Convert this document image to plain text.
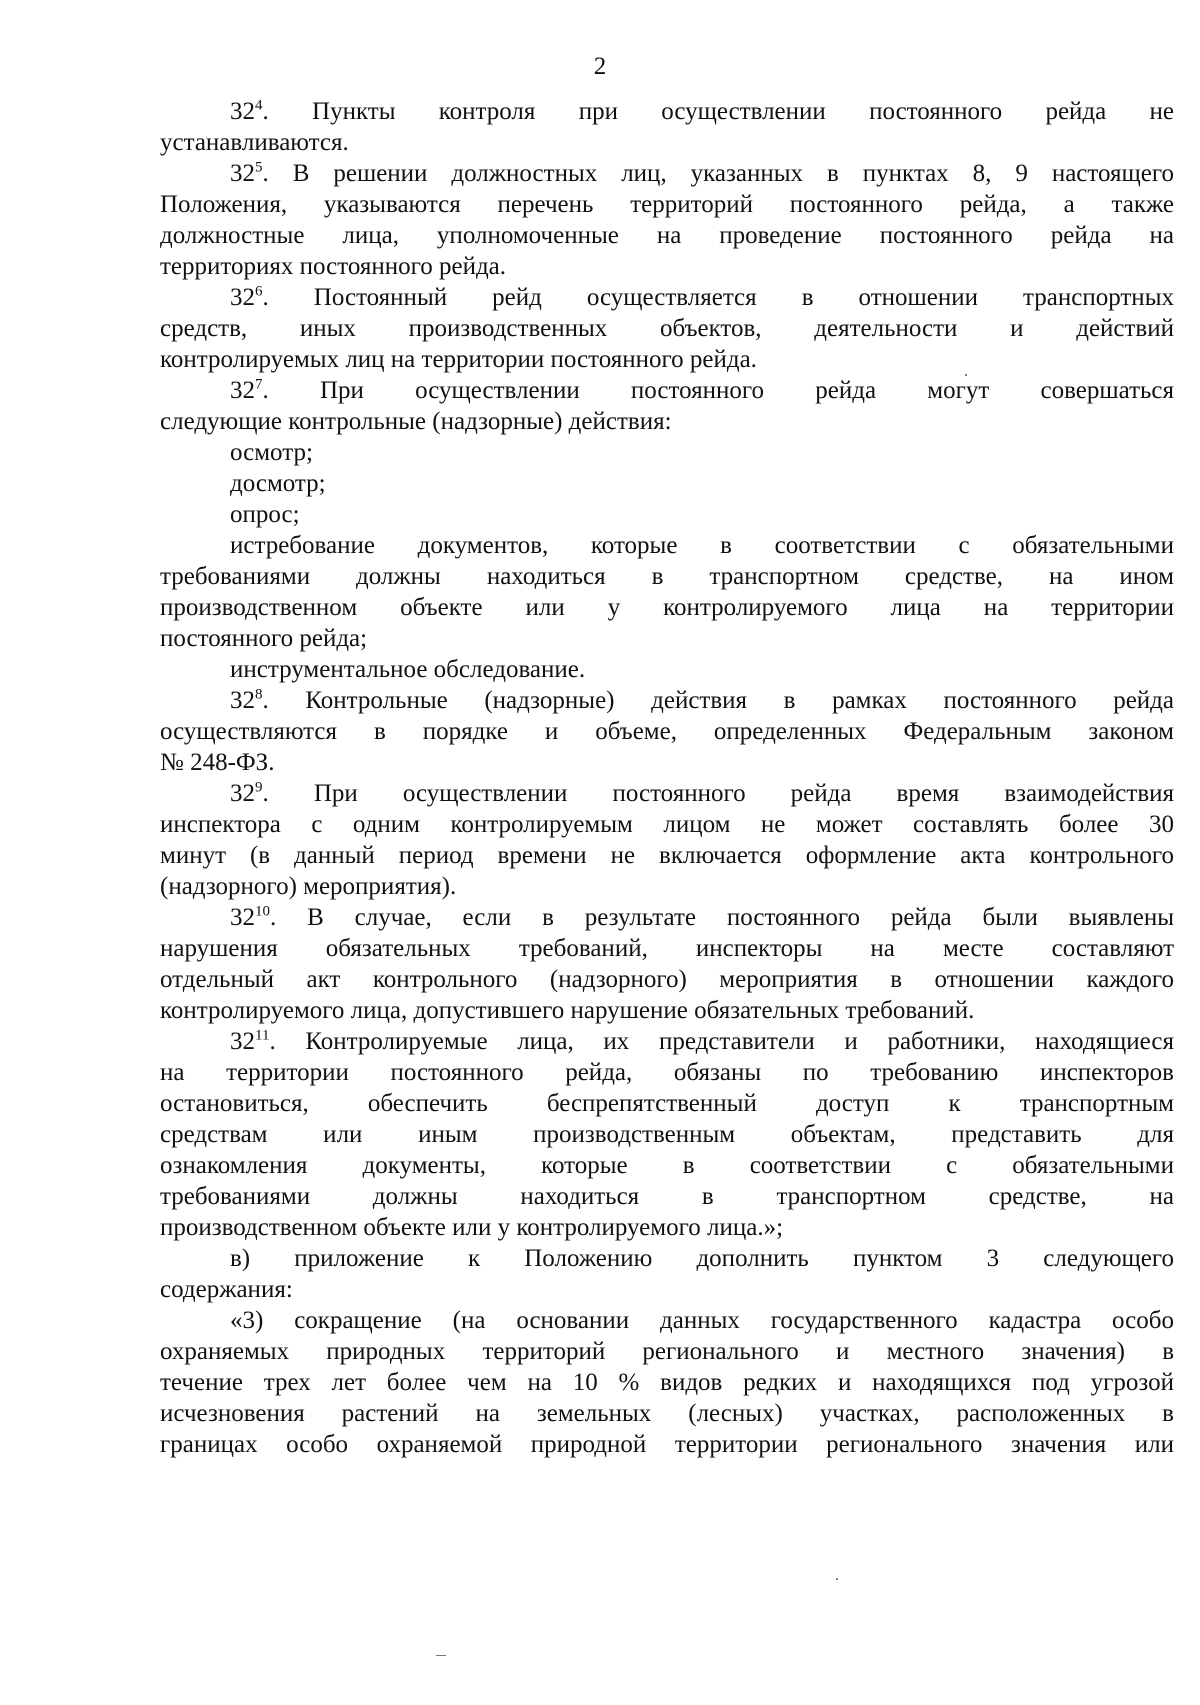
2
$32^4$. Пункты контроля при осуществлении постоянного рейда не
устанавливаются.
$32^5$. В решении должностных лиц, указанных в пунктах 8, 9 настоящего
Положения, указываются перечень территорий постоянного рейда, а также
должностные лица, уполномоченные на проведение постоянного рейда на
территориях постоянного рейда.
$32^6$. Постоянный рейд осуществляется в отношении транспортных
средств, иных производственных объектов, деятельности и действий
контролируемых лиц на территории постоянного рейда.
$32^7$. При осуществлении постоянного рейда могут совершаться
следующие контрольные (надзорные) действия:
осмотр;
досмотр;
опрос;
истребование документов, которые в соответствии с обязательными
требованиями должны находиться в транспортном средстве, на ином
производственном объекте или у контролируемого лица на территории
постоянного рейда;
инструментальное обследование.
$32^8$. Контрольные (надзорные) действия в рамках постоянного рейда
осуществляются в порядке и объеме, определенных Федеральным законом
№ 248-ФЗ.
$32^9$. При осуществлении постоянного рейда время взаимодействия
инспектора с одним контролируемым лицом не может составлять более 30
минут (в данный период времени не включается оформление акта контрольного
(надзорного) мероприятия).
$32^{10}$. В случае, если в результате постоянного рейда были выявлены
нарушения обязательных требований, инспекторы на месте составляют
отдельный акт контрольного (надзорного) мероприятия в отношении каждого
контролируемого лица, допустившего нарушение обязательных требований.
$32^{11}$. Контролируемые лица, их представители и работники, находящиеся
на территории постоянного рейда, обязаны по требованию инспекторов
остановиться, обеспечить беспрепятственный доступ к транспортным
средствам или иным производственным объектам, представить для
ознакомления документы, которые в соответствии с обязательными
требованиями должны находиться в транспортном средстве, на
производственном объекте или у контролируемого лица.»;
в) приложение к Положению дополнить пунктом 3 следующего
содержания:
«3) сокращение (на основании данных государственного кадастра особо
охраняемых природных территорий регионального и местного значения) в
течение трех лет более чем на 10 % видов редких и находящихся под угрозой
исчезновения растений на земельных (лесных) участках, расположенных в
границах особо охраняемой природной территории регионального значения или
